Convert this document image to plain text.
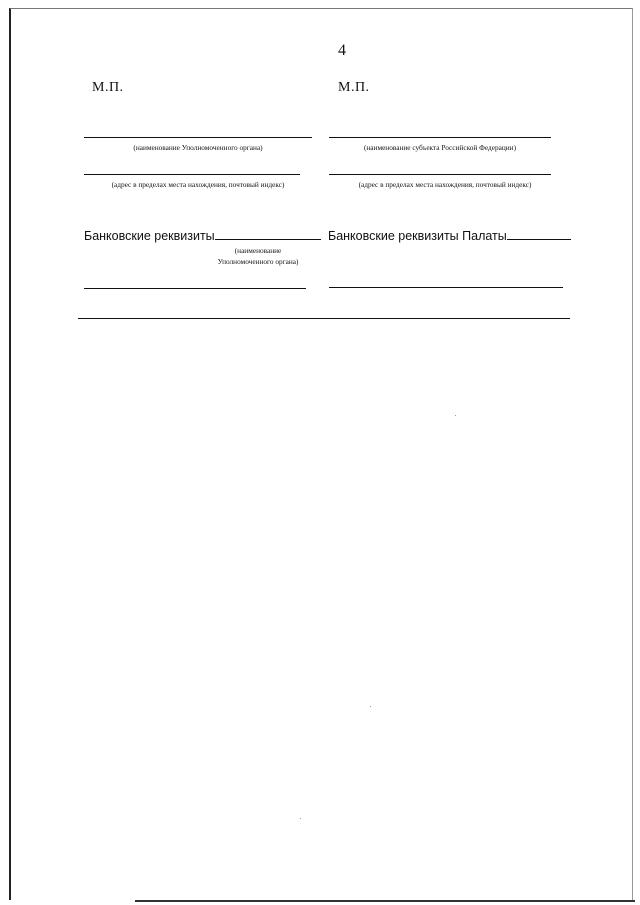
4
М.П.
(наименование Уполномоченного органа)
(адрес в пределах места нахождения, почтовый индекс)
Банковские реквизиты
(наименование
Уполномоченного органа)
М.П.
(наименование субъекта Российской Федерации)
(адрес в пределах места нахождения, почтовый индекс)
Банковские реквизиты Палаты
